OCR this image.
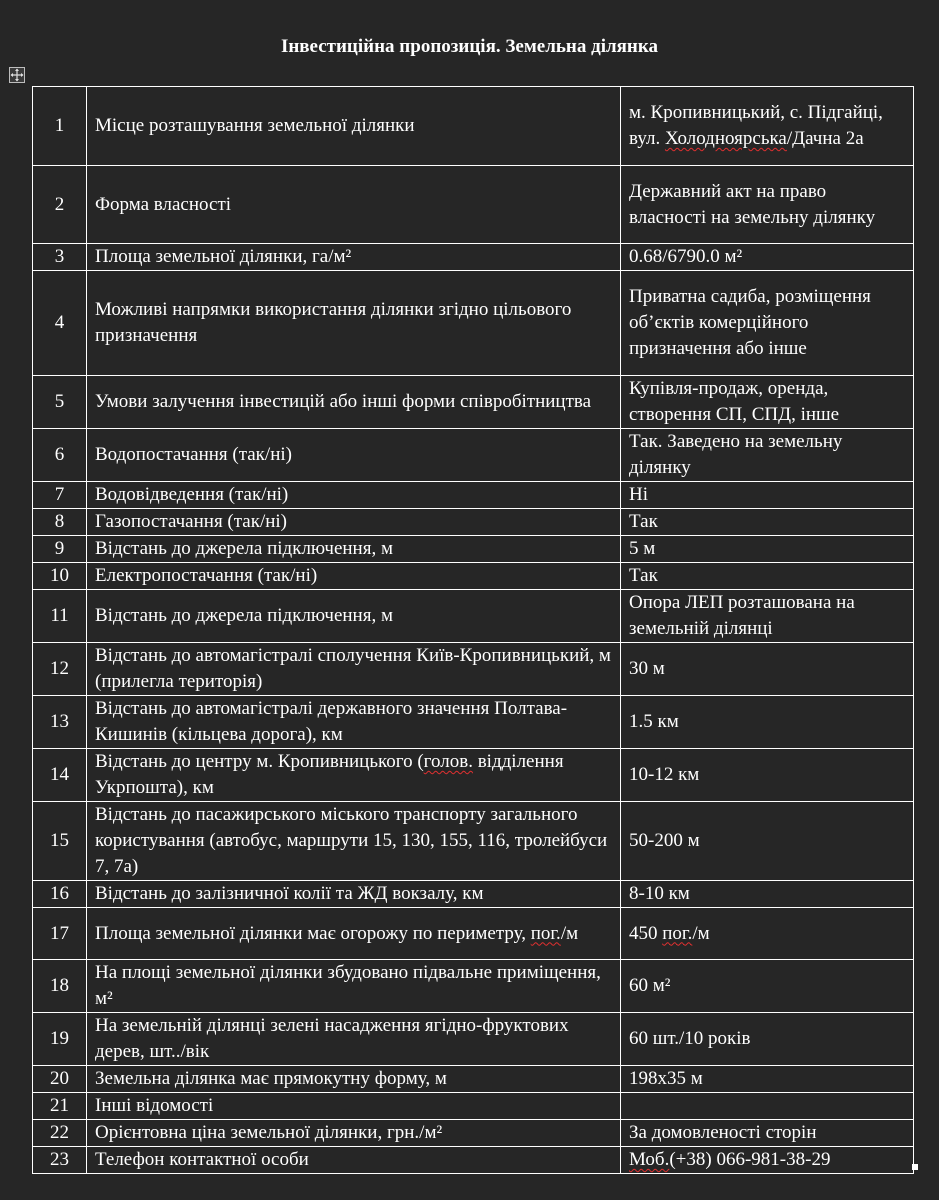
Інвестиційна пропозиція. Земельна ділянка
1	Місце розташування земельної ділянки	м. Кропивницький, с. Підгайці, вул. Холодноярська/Дачна 2а
2	Форма власності	Державний акт на право власності на земельну ділянку
3	Площа земельної ділянки, га/м²	0.68/6790.0 м²
4	Можливі напрямки використання ділянки згідно цільового призначення	Приватна садиба, розміщення об’єктів комерційного призначення або інше
5	Умови залучення інвестицій або інші форми співробітництва	Купівля-продаж, оренда, створення СП, СПД, інше
6	Водопостачання (так/ні)	Так. Заведено на земельну ділянку
7	Водовідведення (так/ні)	Ні
8	Газопостачання (так/ні)	Так
9	Відстань до джерела підключення, м	5 м
10	Електропостачання (так/ні)	Так
11	Відстань до джерела підключення, м	Опора ЛЕП розташована на земельній ділянці
12	Відстань до автомагістралі сполучення Київ-Кропивницький, м (прилегла територія)	30 м
13	Відстань до автомагістралі державного значення Полтава-Кишинів (кільцева дорога), км	1.5 км
14	Відстань до центру м. Кропивницького (голов. відділення Укрпошта), км	10-12 км
15	Відстань до пасажирського міського транспорту загального користування (автобус, маршрути 15, 130, 155, 116, тролейбуси 7, 7а)	50-200 м
16	Відстань до залізничної колії та ЖД вокзалу, км	8-10 км
17	Площа земельної ділянки має огорожу по периметру, пог./м	450 пог./м
18	На площі земельної ділянки збудовано підвальне приміщення, м²	60 м²
19	На земельній ділянці зелені насадження ягідно-фруктових дерев, шт../вік	60 шт./10 років
20	Земельна ділянка має прямокутну форму, м	198х35 м
21	Інші відомості	
22	Орієнтовна ціна земельної ділянки, грн./м²	За домовленості сторін
23	Телефон контактної особи	Моб.(+38) 066-981-38-29
